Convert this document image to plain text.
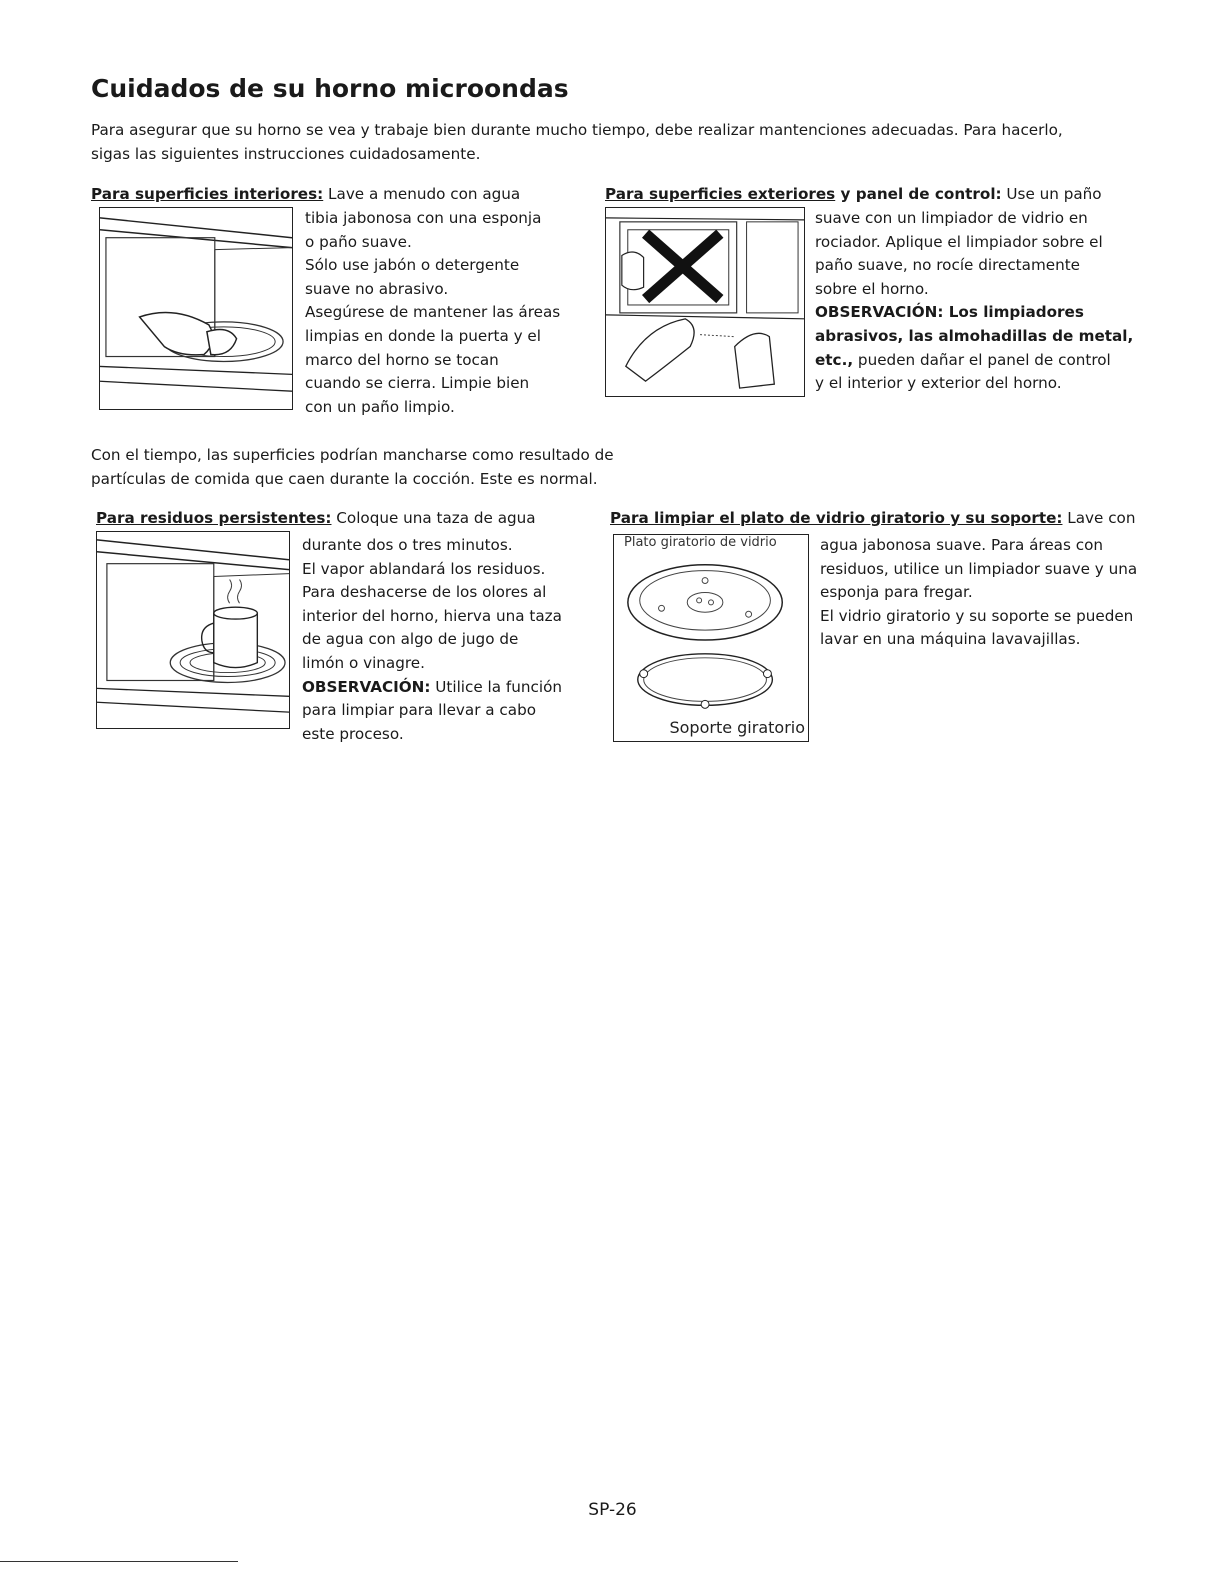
Cuidados de su horno microondas
Para asegurar que su horno se vea y trabaje bien durante mucho tiempo, debe realizar mantenciones adecuadas. Para hacerlo, sigas las siguientes instrucciones cuidadosamente.
Para superficies interiores: Lave a menudo con agua
tibia jabonosa con una esponja
o paño suave.
Sólo use jabón o detergente
suave no abrasivo.
Asegúrese de mantener las áreas
limpias en donde la puerta y el
marco del horno se tocan
cuando se cierra. Limpie bien
con un paño limpio.
Para superficies exteriores y panel de control: Use un paño
suave con un limpiador de vidrio en
rociador. Aplique el limpiador sobre el
paño suave, no rocíe directamente
sobre el horno.
OBSERVACIÓN: Los limpiadores
abrasivos, las almohadillas de metal,
etc., pueden dañar el panel de control
y el interior y exterior del horno.
Con el tiempo, las superficies podrían mancharse como resultado de
partículas de comida que caen durante la cocción. Este es normal.
Para residuos persistentes: Coloque una taza de agua
durante dos o tres minutos.
El vapor ablandará los residuos.
Para deshacerse de los olores al
interior del horno, hierva una taza
de agua con algo de jugo de
limón o vinagre.
OBSERVACIÓN: Utilice la función
para limpiar para llevar a cabo
este proceso.
Para limpiar el plato de vidrio giratorio y su soporte: Lave con
Plato giratorio de vidrio
Soporte giratorio
agua jabonosa suave. Para áreas con
residuos, utilice un limpiador suave y una
esponja para fregar.
El vidrio giratorio y su soporte se pueden
lavar en una máquina lavavajillas.
SP-26
